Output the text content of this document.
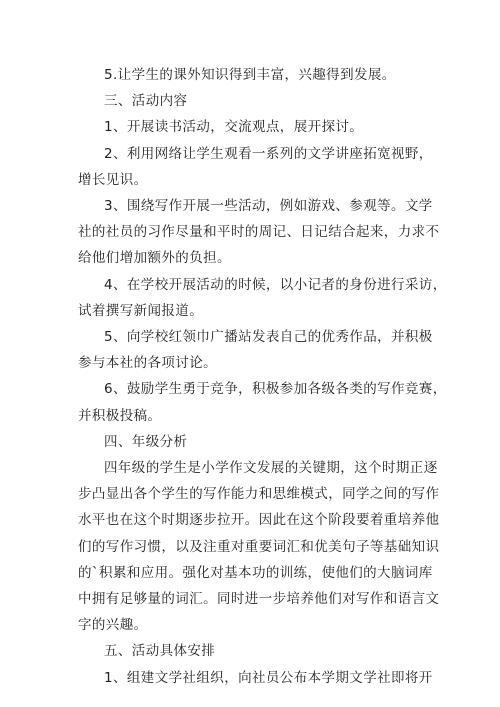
5.让学生的课外知识得到丰富，兴趣得到发展。
三、活动内容
1、开展读书活动，交流观点，展开探讨。
2、利用网络让学生观看一系列的文学讲座拓宽视野，
增长见识。
3、围绕写作开展一些活动，例如游戏、参观等。文学
社的社员的习作尽量和平时的周记、日记结合起来，力求不
给他们增加额外的负担。
4、在学校开展活动的时候，以小记者的身份进行采访，
试着撰写新闻报道。
5、向学校红领巾广播站发表自己的优秀作品，并积极
参与本社的各项讨论。
6、鼓励学生勇于竞争，积极参加各级各类的写作竞赛，
并积极投稿。
四、年级分析
四年级的学生是小学作文发展的关键期，这个时期正逐
步凸显出各个学生的写作能力和思维模式，同学之间的写作
水平也在这个时期逐步拉开。因此在这个阶段要着重培养他
们的写作习惯，以及注重对重要词汇和优美句子等基础知识
的`积累和应用。强化对基本功的训练，使他们的大脑词库
中拥有足够量的词汇。同时进一步培养他们对写作和语言文
字的兴趣。
五、活动具体安排
1、组建文学社组织，向社员公布本学期文学社即将开
